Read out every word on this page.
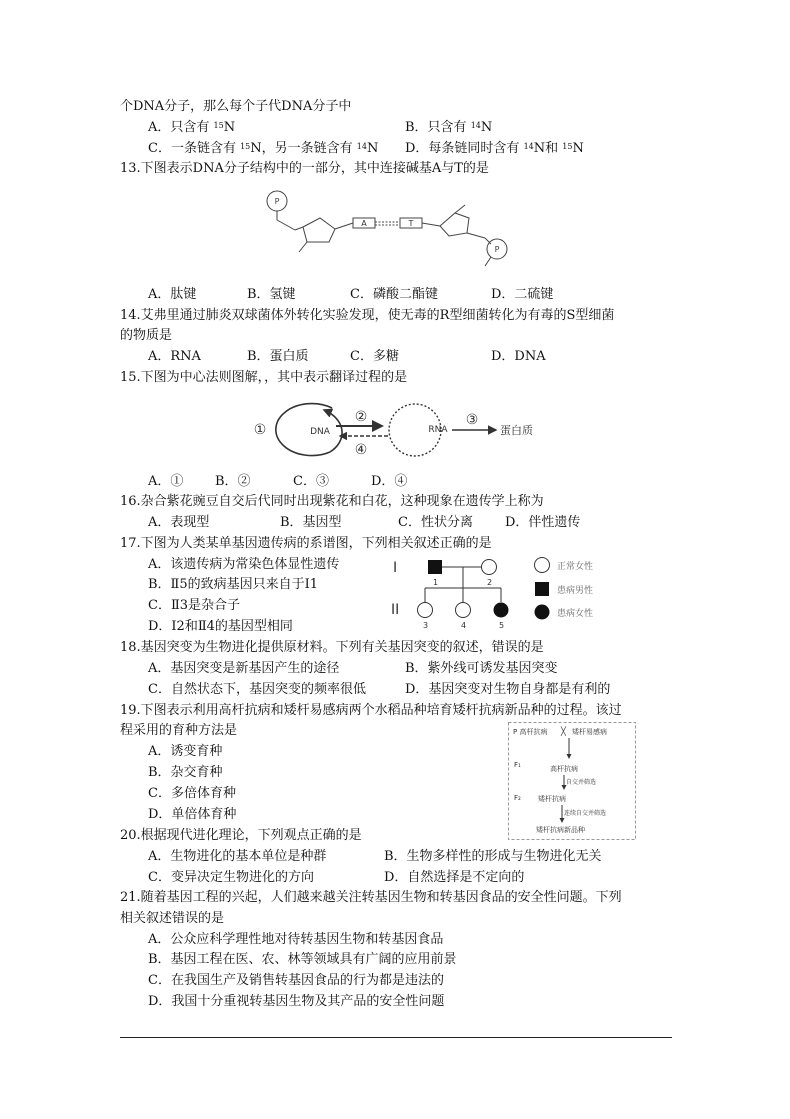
个DNA分子，那么每个子代DNA分子中
A．只含有 $^{15}$N	B．只含有 $^{14}$N
C．一条链含有 $^{15}$N，另一条链含有 $^{14}$N D．每条链同时含有 $^{14}$N和 $^{15}$N
13.下图表示DNA分子结构中的一部分，其中连接碱基A与T的是
P
P
A	T
A．肽键	B．氢键	C．磷酸二酯键	D．二硫键
14.艾弗里通过肺炎双球菌体外转化实验发现，使无毒的R型细菌转化为有毒的S型细菌
的物质是
A．RNA	B．蛋白质	C．多糖	D．DNA
15.下图为中心法则图解，，其中表示翻译过程的是
①	DNA
②
④
RNA
③
蛋白质
A．① B．②	C．③	D．④
16.杂合紫花豌豆自交后代同时出现紫花和白花，这种现象在遗传学上称为
A．表现型	B．基因型	C．性状分离 D．伴性遗传
17.下图为人类某单基因遗传病的系谱图，下列相关叙述正确的是
A．该遗传病为常染色体显性遗传
B．Ⅱ5的致病基因只来自于Ⅰ1
C．Ⅱ3是杂合子
D．Ⅰ2和Ⅱ4的基因型相同
I
II
1	2
3	4	5
正常女性
患病男性
患病女性
18.基因突变为生物进化提供原材料。下列有关基因突变的叙述，错误的是
A．基因突变是新基因产生的途径	B．紫外线可诱发基因突变
C．自然状态下，基因突变的频率很低	D．基因突变对生物自身都是有利的
19.下图表示利用高杆抗病和矮杆易感病两个水稻品种培育矮杆抗病新品种的过程。该过
程采用的育种方法是
A．诱变育种
B．杂交育种
C．多倍体育种
D．单倍体育种
P 高杆抗病 ╳ 矮杆易感病
F₁	高杆抗病
自交并筛选
F₂ 矮杆抗病
连续自交并筛选
矮杆抗病新品种
20.根据现代进化理论，下列观点正确的是
A．生物进化的基本单位是种群	B．生物多样性的形成与生物进化无关
C．变异决定生物进化的方向	D．自然选择是不定向的
21.随着基因工程的兴起，人们越来越关注转基因生物和转基因食品的安全性问题。下列
相关叙述错误的是
A．公众应科学理性地对待转基因生物和转基因食品
B．基因工程在医、农、林等领域具有广阔的应用前景
C．在我国生产及销售转基因食品的行为都是违法的
D．我国十分重视转基因生物及其产品的安全性问题
